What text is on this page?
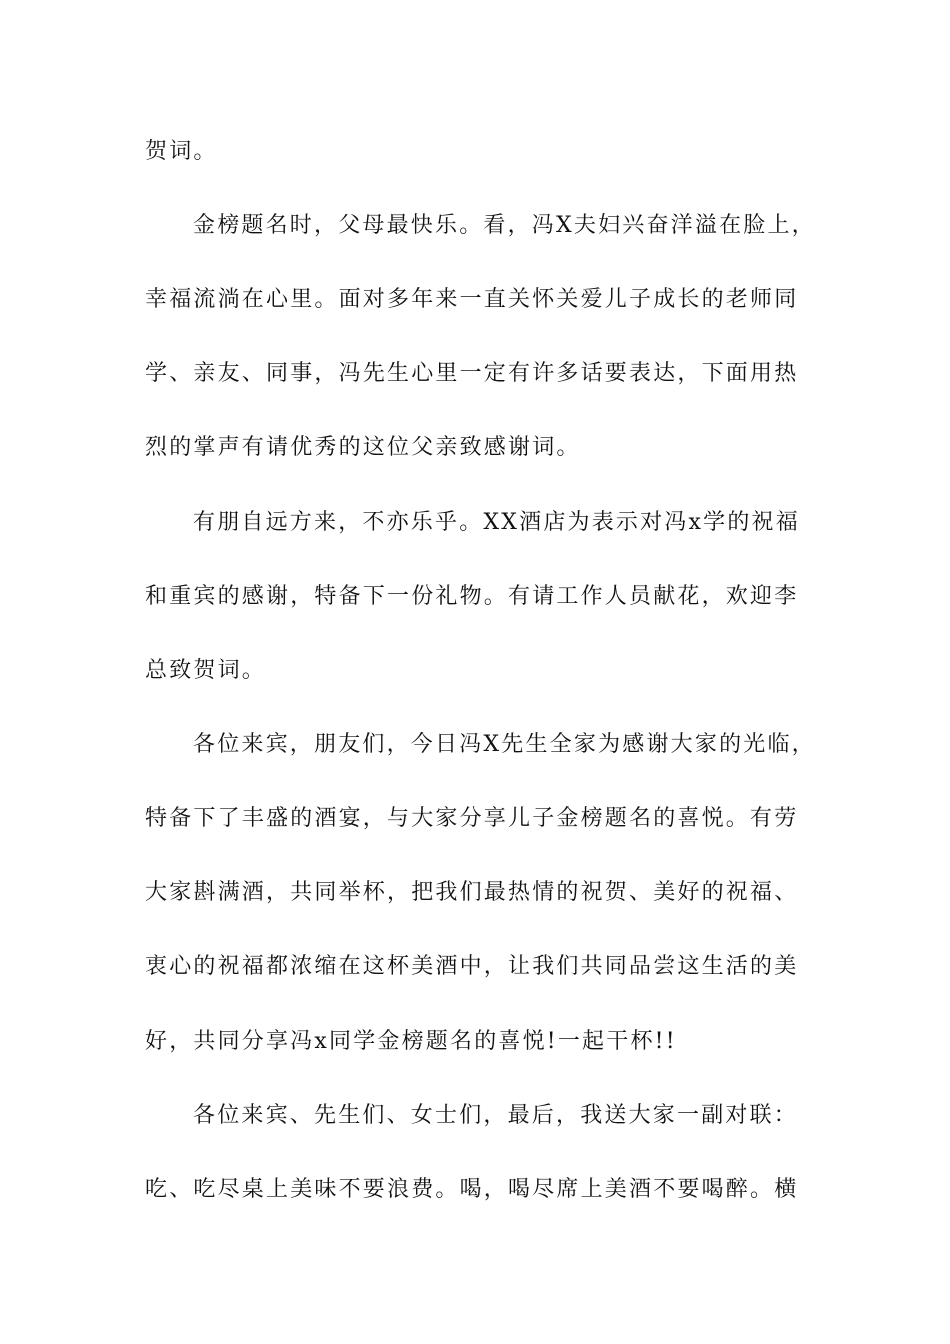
贺词。
金榜题名时，父母最快乐。看，冯X夫妇兴奋洋溢在脸上，
幸福流淌在心里。面对多年来一直关怀关爱儿子成长的老师同
学、亲友、同事，冯先生心里一定有许多话要表达，下面用热
烈的掌声有请优秀的这位父亲致感谢词。
有朋自远方来，不亦乐乎。XX酒店为表示对冯x学的祝福
和重宾的感谢，特备下一份礼物。有请工作人员献花，欢迎李
总致贺词。
各位来宾，朋友们，今日冯X先生全家为感谢大家的光临，
特备下了丰盛的酒宴，与大家分享儿子金榜题名的喜悦。有劳
大家斟满酒，共同举杯，把我们最热情的祝贺、美好的祝福、
衷心的祝福都浓缩在这杯美酒中，让我们共同品尝这生活的美
好，共同分享冯x同学金榜题名的喜悦!一起干杯!!
各位来宾、先生们、女士们，最后，我送大家一副对联：
吃、吃尽桌上美味不要浪费。喝，喝尽席上美酒不要喝醉。横
